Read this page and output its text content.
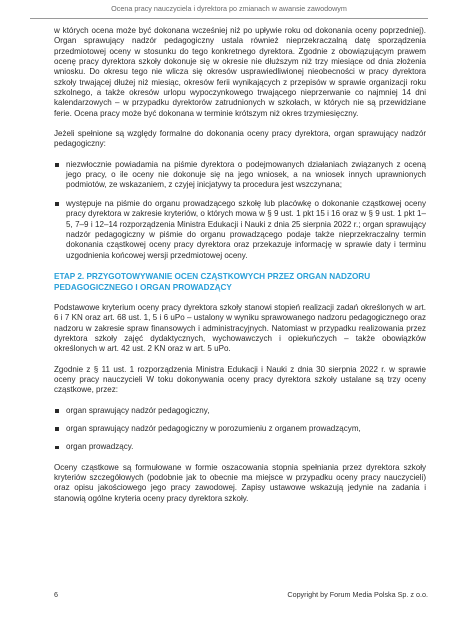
Ocena pracy nauczyciela i dyrektora po zmianach w awansie zawodowym

w których ocena może być dokonana wcześniej niż po upływie roku od dokonania oceny poprzedniej). Organ sprawujący nadzór pedagogiczny ustala również nieprzekraczalną datę sporządzenia przedmiotowej oceny w stosunku do tego konkretnego dyrektora. Zgodnie z obowiązującym prawem ocenę pracy dyrektora szkoły dokonuje się w okresie nie dłuższym niż trzy miesiące od dnia złożenia wniosku. Do okresu tego nie wlicza się okresów usprawiedliwionej nieobecności w pracy dyrektora szkoły trwającej dłużej niż miesiąc, okresów ferii wynikających z przepisów w sprawie organizacji roku szkolnego, a także okresów urlopu wypoczynkowego trwającego nieprzerwanie co najmniej 14 dni kalendarzowych – w przypadku dyrektorów zatrudnionych w szkołach, w których nie są przewidziane ferie. Ocena pracy może być dokonana w terminie krótszym niż okres trzymiesięczny.

Jeżeli spełnione są względy formalne do dokonania oceny pracy dyrektora, organ sprawujący nadzór pedagogiczny:

niezwłocznie powiadamia na piśmie dyrektora o podejmowanych działaniach związanych z oceną jego pracy, o ile oceny nie dokonuje się na jego wniosek, a na wniosek innych uprawnionych podmiotów, ze wskazaniem, z czyjej inicjatywy ta procedura jest wszczynana;
występuje na piśmie do organu prowadzącego szkołę lub placówkę o dokonanie cząstkowej oceny pracy dyrektora w zakresie kryteriów, o których mowa w § 9 ust. 1 pkt 15 i 16 oraz w § 9 ust. 1 pkt 1–5, 7–9 i 12–14 rozporządzenia Ministra Edukacji i Nauki z dnia 25 sierpnia 2022 r.; organ sprawujący nadzór pedagogiczny w piśmie do organu prowadzącego podaje także nieprzekraczalny termin dokonania cząstkowej oceny pracy dyrektora oraz przekazuje informację w sprawie daty i terminu uzgodnienia końcowej wersji przedmiotowej oceny.
ETAP 2. PRZYGOTOWYWANIE OCEN CZĄSTKOWYCH PRZEZ ORGAN NADZORU PEDAGOGICZNEGO I ORGAN PROWADZĄCY

Podstawowe kryterium oceny pracy dyrektora szkoły stanowi stopień realizacji zadań określonych w art. 6 i 7 KN oraz art. 68 ust. 1, 5 i 6 uPo – ustalony w wyniku sprawowanego nadzoru pedagogicznego oraz nadzoru w zakresie spraw finansowych i administracyjnych. Natomiast w przypadku realizowania przez dyrektora szkoły zajęć dydaktycznych, wychowawczych i opiekuńczych – także obowiązków określonych w art. 42 ust. 2 KN oraz w art. 5 uPo.

Zgodnie z § 11 ust. 1 rozporządzenia Ministra Edukacji i Nauki z dnia 30 sierpnia 2022 r. w sprawie oceny pracy nauczycieli W toku dokonywania oceny pracy dyrektora szkoły ustalane są trzy oceny cząstkowe, przez:

organ sprawujący nadzór pedagogiczny,
organ sprawujący nadzór pedagogiczny w porozumieniu z organem prowadzącym,
organ prowadzący.

Oceny cząstkowe są formułowane w formie oszacowania stopnia spełniania przez dyrektora szkoły kryteriów szczegółowych (podobnie jak to obecnie ma miejsce w przypadku oceny pracy nauczycieli) oraz opisu jakościowego jego pracy zawodowej. Zapisy ustawowe wskazują jedynie na zadania i stanowią ogólne kryteria oceny pracy dyrektora szkoły.

6	Copyright by Forum Media Polska Sp. z o.o.
